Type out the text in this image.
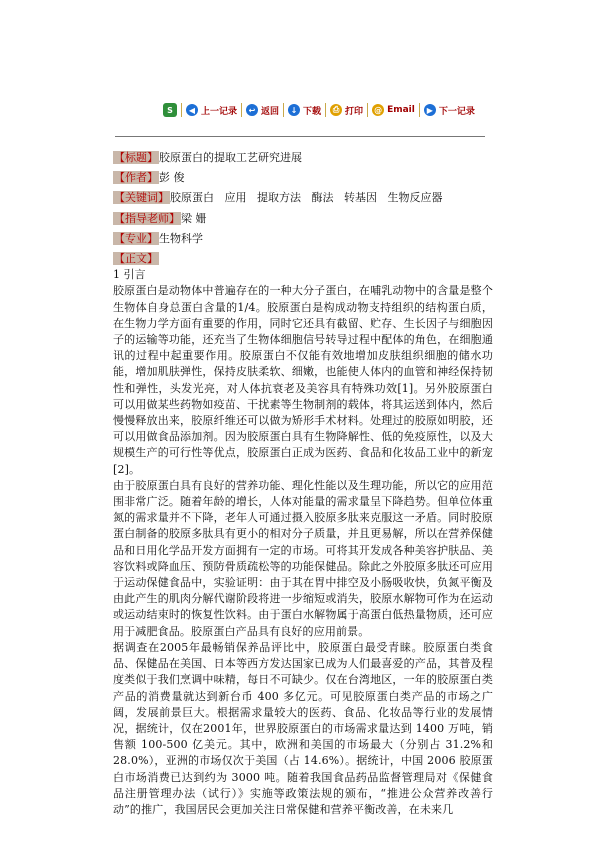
S	◀ 上一记录	↩ 返回	↓ 下载	⎙ 打印 @ Email	▶ 下一记录
【标题】胶原蛋白的提取工艺研究进展
【作者】彭 俊
【关键词】胶原蛋白   应用   提取方法   酶法   转基因   生物反应器
【指导老师】梁 姗
【专业】生物科学
【正文】
1 引言

胶原蛋白是动物体中普遍存在的一种大分子蛋白，在哺乳动物中的含量是整个生物体自身总蛋白含量的1/4。胶原蛋白是构成动物支持组织的结构蛋白质，在生物力学方面有重要的作用，同时它还具有截留、贮存、生长因子与细胞因子的运输等功能，还充当了生物体细胞信号转导过程中配体的角色，在细胞通讯的过程中起重要作用。胶原蛋白不仅能有效地增加皮肤组织细胞的储水功能，增加肌肤弹性，保持皮肤柔软、细嫩，也能使人体内的血管和神经保持韧性和弹性，头发光亮，对人体抗衰老及美容具有特殊功效[1]。另外胶原蛋白可以用做某些药物如疫苗、干扰素等生物制剂的载体，将其运送到体内，然后慢慢释放出来，胶原纤维还可以做为矫形手术材料。处理过的胶原如明胶，还可以用做食品添加剂。因为胶原蛋白具有生物降解性、低的免疫原性，以及大规模生产的可行性等优点，胶原蛋白正成为医药、食品和化妆品工业中的新宠[2]。

由于胶原蛋白具有良好的营养功能、理化性能以及生理功能，所以它的应用范围非常广泛。随着年龄的增长，人体对能量的需求量呈下降趋势。但单位体重氮的需求量并不下降，老年人可通过摄入胶原多肽来克服这一矛盾。同时胶原蛋白制备的胶原多肽具有更小的相对分子质量，并且更易解，所以在营养保健品和日用化学品开发方面拥有一定的市场。可将其开发成各种美容护肤品、美容饮料或降血压、预防骨质疏松等的功能保健品。除此之外胶原多肽还可应用于运动保健食品中，实验证明：由于其在胃中排空及小肠吸收快，负氮平衡及由此产生的肌肉分解代谢阶段将进一步缩短或消失，胶原水解物可作为在运动或运动结束时的恢复性饮料。由于蛋白水解物属于高蛋白低热量物质，还可应用于减肥食品。胶原蛋白产品具有良好的应用前景。

据调查在2005年最畅销保养品评比中，胶原蛋白最受青睐。胶原蛋白类食品、保健品在美国、日本等西方发达国家已成为人们最喜爱的产品，其普及程度类似于我们烹调中味精，每日不可缺少。仅在台湾地区，一年的胶原蛋白类产品的消费量就达到新台币 400 多亿元。可见胶原蛋白类产品的市场之广阔，发展前景巨大。根据需求量较大的医药、食品、化妆品等行业的发展情况，据统计，仅在2001年，世界胶原蛋白的市场需求量达到 1400 万吨，销售额 100-500 亿美元。其中，欧洲和美国的市场最大（分别占 31.2%和 28.0%），亚洲的市场仅次于美国（占 14.6%）。据统计，中国 2006 胶原蛋白市场消费已达到约为 3000 吨。随着我国食品药品监督管理局对《保健食品注册管理办法（试行）》实施等政策法规的颁布，“推进公众营养改善行动”的推广，我国居民会更加关注日常保健和营养平衡改善，在未来几
